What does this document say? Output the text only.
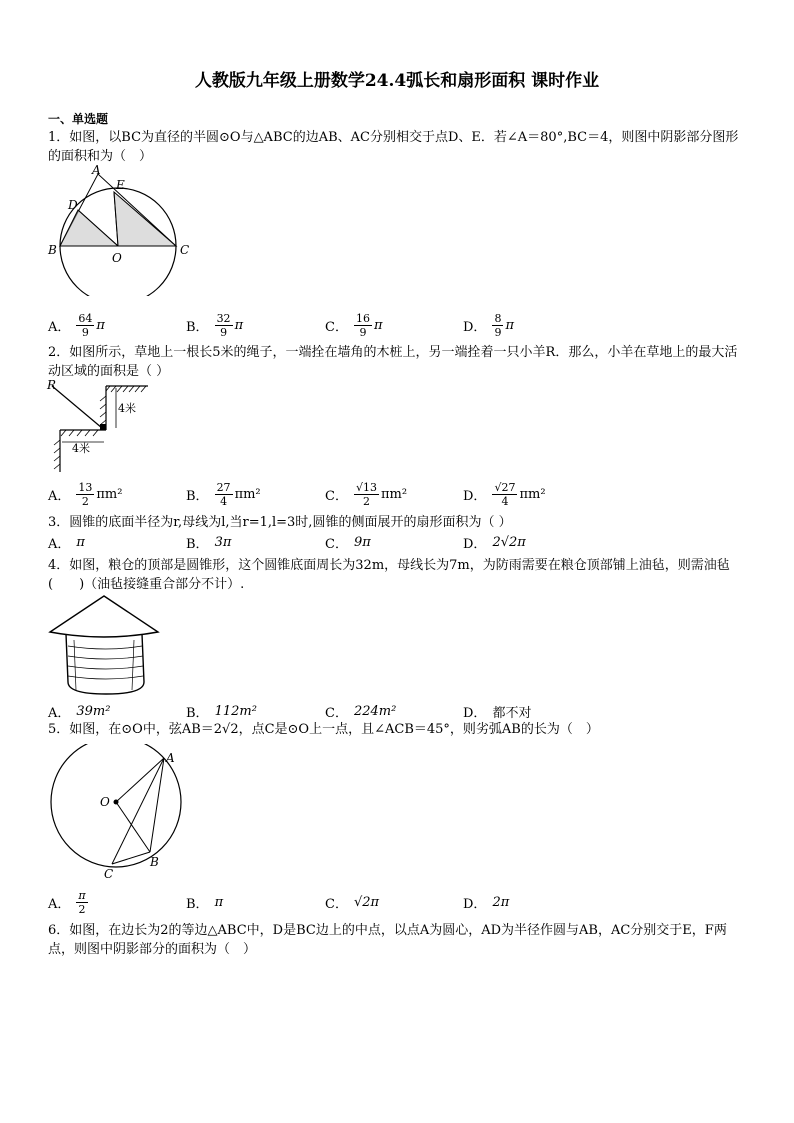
人教版九年级上册数学24.4弧长和扇形面积 课时作业
一、单选题
1．如图，以BC为直径的半圆⊙O与△ABC的边AB、AC分别相交于点D、E．若∠A＝80°,BC＝4，则图中阴影部分图形的面积和为（　）
A
E
D
B
O
C
A． $\frac{64}{9}$ π	B． $\frac{32}{9}$ π	C． $\frac{16}{9}$ π	D． $\frac{8}{9}$ π
2．如图所示，草地上一根长5米的绳子，一端拴在墙角的木桩上，另一端拴着一只小羊R．那么，小羊在草地上的最大活动区域的面积是（ ）
R
4米
4米
A． $\frac{13}{2} \pi m^2$	B． $\frac{27}{4} \pi m^2$	C． $\frac{√13}{2} \pi m^2$	D． $\frac{√27}{4} \pi m^2$
3．圆锥的底面半径为r,母线为l,当r=1,l=3时,圆锥的侧面展开的扇形面积为（ ）
A． π	B． 3π	C． 9π	D． 2√2π
4．如图，粮仓的顶部是圆锥形，这个圆锥底面周长为32m，母线长为7m，为防雨需要在粮仓顶部铺上油毡，则需油毡(　　)（油毡接缝重合部分不计）.
A． 39m²	B． 112m²	C． 224m²	D． 都不对
5．如图，在⊙O中，弦AB＝2√2，点C是⊙O上一点，且∠ACB＝45°，则劣弧AB的长为（　）
A
O
B
C
A． $\frac{\pi}{2}$	B． π	C． √2π	D． 2π
6．如图，在边长为2的等边△ABC中，D是BC边上的中点，以点A为圆心，AD为半径作圆与AB，AC分别交于E，F两点，则图中阴影部分的面积为（　）
